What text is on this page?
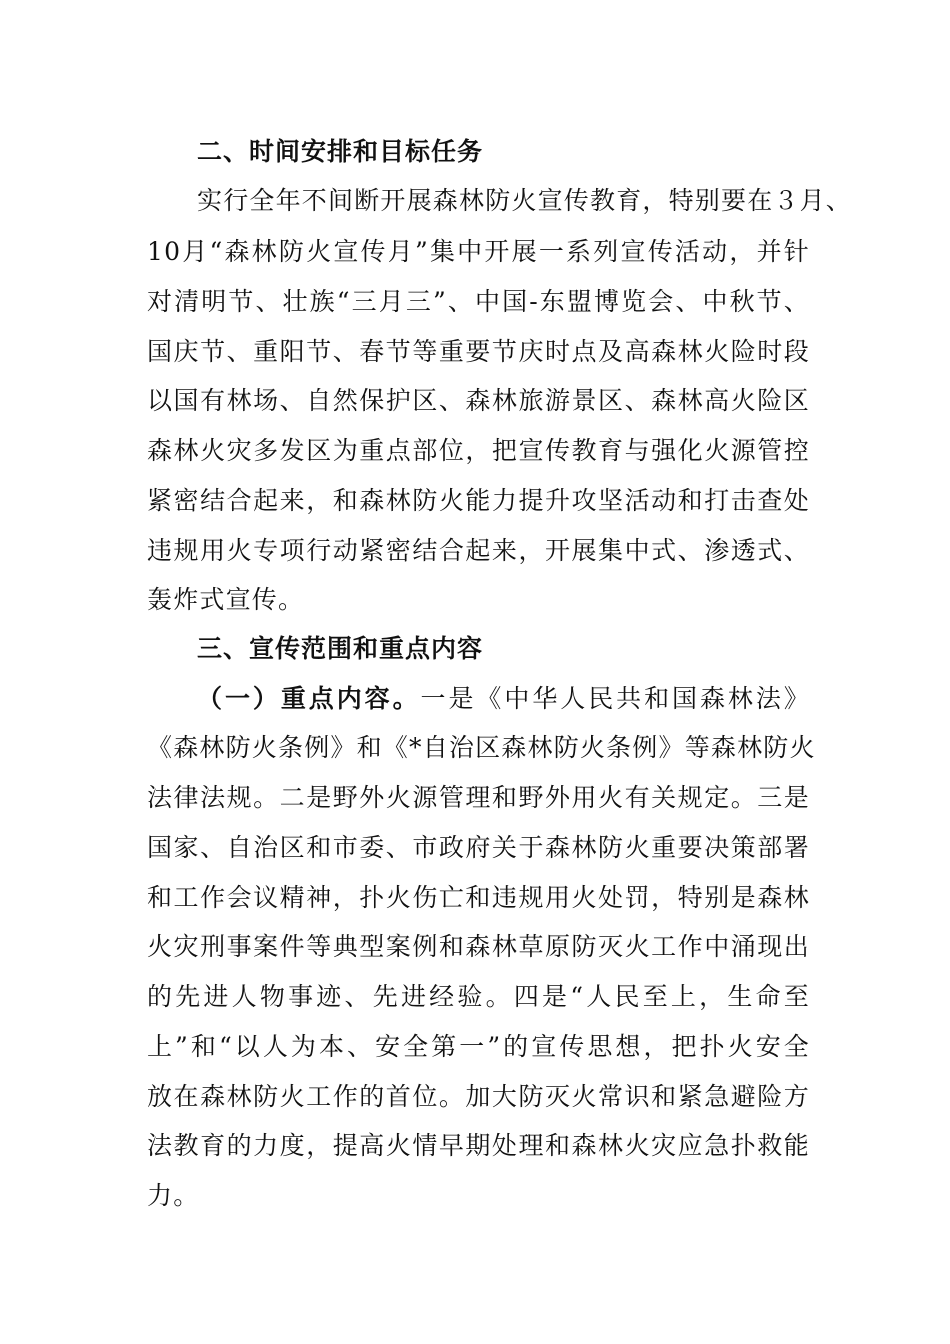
二、时间安排和目标任务
实行全年不间断开展森林防火宣传教育，特别要在３月、
10月“森林防火宣传月”集中开展一系列宣传活动，并针
对清明节、壮族“三月三”、中国-东盟博览会、中秋节、
国庆节、重阳节、春节等重要节庆时点及高森林火险时段
以国有林场、自然保护区、森林旅游景区、森林高火险区
森林火灾多发区为重点部位，把宣传教育与强化火源管控
紧密结合起来，和森林防火能力提升攻坚活动和打击查处
违规用火专项行动紧密结合起来，开展集中式、渗透式、
轰炸式宣传。
三、宣传范围和重点内容
（一）重点内容。一是《中华人民共和国森林法》
《森林防火条例》和《*自治区森林防火条例》等森林防火
法律法规。二是野外火源管理和野外用火有关规定。三是
国家、自治区和市委、市政府关于森林防火重要决策部署
和工作会议精神，扑火伤亡和违规用火处罚，特别是森林
火灾刑事案件等典型案例和森林草原防灭火工作中涌现出
的先进人物事迹、先进经验。四是“人民至上，生命至
上”和“以人为本、安全第一”的宣传思想，把扑火安全
放在森林防火工作的首位。加大防灭火常识和紧急避险方
法教育的力度，提高火情早期处理和森林火灾应急扑救能
力。
